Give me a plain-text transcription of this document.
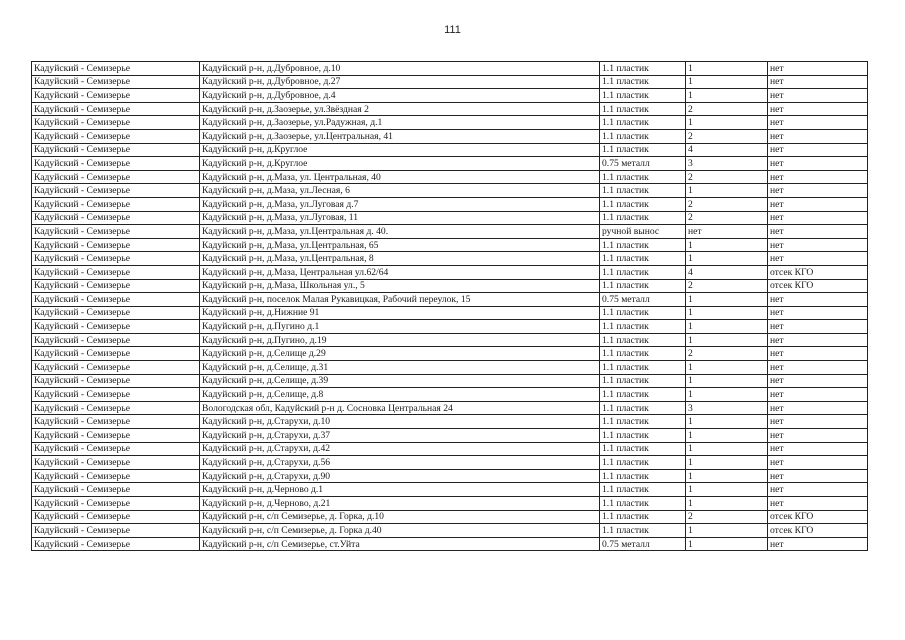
111
Кадуйский - Семизерье	Кадуйский р-н, д.Дубровное, д.10	1.1 пластик	1	нет
Кадуйский - Семизерье	Кадуйский р-н, д.Дубровное, д.27	1.1 пластик	1	нет
Кадуйский - Семизерье	Кадуйский р-н, д.Дубровное, д.4	1.1 пластик	1	нет
Кадуйский - Семизерье	Кадуйский р-н, д.Заозерье, ул.Звёздная 2	1.1 пластик	2	нет
Кадуйский - Семизерье	Кадуйский р-н, д.Заозерье, ул.Радужная, д.1	1.1 пластик	1	нет
Кадуйский - Семизерье	Кадуйский р-н, д.Заозерье, ул.Центральная, 41	1.1 пластик	2	нет
Кадуйский - Семизерье	Кадуйский р-н, д.Круглое	1.1 пластик	4	нет
Кадуйский - Семизерье	Кадуйский р-н, д.Круглое	0.75 металл	3	нет
Кадуйский - Семизерье	Кадуйский р-н, д.Маза, ул. Центральная, 40	1.1 пластик	2	нет
Кадуйский - Семизерье	Кадуйский р-н, д.Маза, ул.Лесная, 6	1.1 пластик	1	нет
Кадуйский - Семизерье	Кадуйский р-н, д.Маза, ул.Луговая д.7	1.1 пластик	2	нет
Кадуйский - Семизерье	Кадуйский р-н, д.Маза, ул.Луговая, 11	1.1 пластик	2	нет
Кадуйский - Семизерье	Кадуйский р-н, д.Маза, ул.Центральная д. 40.	ручной вынос	нет	нет
Кадуйский - Семизерье	Кадуйский р-н, д.Маза, ул.Центральная, 65	1.1 пластик	1	нет
Кадуйский - Семизерье	Кадуйский р-н, д.Маза, ул.Центральная, 8	1.1 пластик	1	нет
Кадуйский - Семизерье	Кадуйский р-н, д.Маза, Центральная ул.62/64	1.1 пластик	4	отсек КГО
Кадуйский - Семизерье	Кадуйский р-н, д.Маза, Школьная ул., 5	1.1 пластик	2	отсек КГО
Кадуйский - Семизерье	Кадуйский р-н, поселок Малая Рукавицкая, Рабочий переулок, 15	0.75 металл	1	нет
Кадуйский - Семизерье	Кадуйский р-н, д.Нижние 91	1.1 пластик	1	нет
Кадуйский - Семизерье	Кадуйский р-н, д.Пугино д.1	1.1 пластик	1	нет
Кадуйский - Семизерье	Кадуйский р-н, д.Пугино, д.19	1.1 пластик	1	нет
Кадуйский - Семизерье	Кадуйский р-н, д.Селище д.29	1.1 пластик	2	нет
Кадуйский - Семизерье	Кадуйский р-н, д.Селище, д.31	1.1 пластик	1	нет
Кадуйский - Семизерье	Кадуйский р-н, д.Селище, д.39	1.1 пластик	1	нет
Кадуйский - Семизерье	Кадуйский р-н, д.Селище, д.8	1.1 пластик	1	нет
Кадуйский - Семизерье	Вологодская обл, Кадуйский р-н д. Сосновка Центральная 24	1.1 пластик	3	нет
Кадуйский - Семизерье	Кадуйский р-н, д.Старухи, д.10	1.1 пластик	1	нет
Кадуйский - Семизерье	Кадуйский р-н, д.Старухи, д.37	1.1 пластик	1	нет
Кадуйский - Семизерье	Кадуйский р-н, д.Старухи, д.42	1.1 пластик	1	нет
Кадуйский - Семизерье	Кадуйский р-н, д.Старухи, д.56	1.1 пластик	1	нет
Кадуйский - Семизерье	Кадуйский р-н, д.Старухи, д.90	1.1 пластик	1	нет
Кадуйский - Семизерье	Кадуйский р-н, д.Черново д.1	1.1 пластик	1	нет
Кадуйский - Семизерье	Кадуйский р-н, д.Черново, д.21	1.1 пластик	1	нет
Кадуйский - Семизерье	Кадуйский р-н, с/п Семизерье, д. Горка, д.10	1.1 пластик	2	отсек КГО
Кадуйский - Семизерье	Кадуйский р-н, с/п Семизерье, д. Горка д.40	1.1 пластик	1	отсек КГО
Кадуйский - Семизерье	Кадуйский р-н, с/п Семизерье, ст.Уйта	0.75 металл	1	нет
